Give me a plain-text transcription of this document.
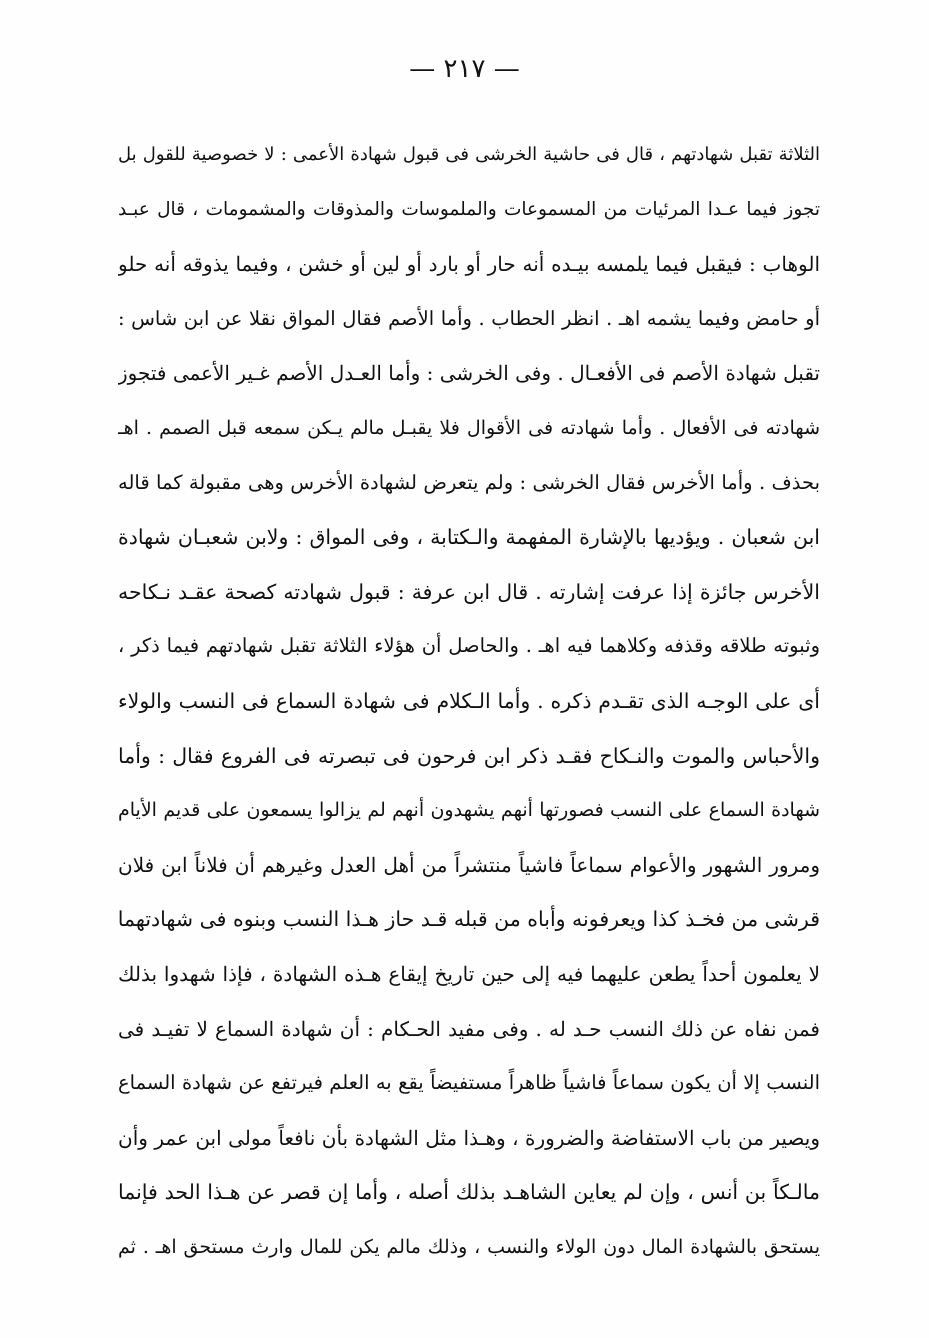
— ٢١٧ —
الثلاثة تقبل شهادتهم ، قال فى حاشية الخرشى فى قبول شهادة الأعمى : لا خصوصية للقول بل
تجوز فيما عـدا المرئيات من المسموعات والملموسات والمذوقات والمشمومات ، قال عبـد
الوهاب : فيقبل فيما يلمسه بيـده أنه حار أو بارد أو لين أو خشن ، وفيما يذوقه أنه حلو
أو حامض وفيما يشمه اهـ . انظر الحطاب . وأما الأصم فقال المواق نقلا عن ابن شاس :
تقبل شهادة الأصم فى الأفعـال . وفى الخرشى : وأما العـدل الأصم غـير الأعمى فتجوز
شهادته فى الأفعال . وأما شهادته فى الأقوال فلا يقبـل مالم يـكن سمعه قبل الصمم . اهـ
بحذف . وأما الأخرس فقال الخرشى : ولم يتعرض لشهادة الأخرس وهى مقبولة كما قاله
ابن شعبان . ويؤديها بالإشارة المفهمة والـكتابة ، وفى المواق : ولابن شعبـان شهادة
الأخرس جائزة إذا عرفت إشارته . قال ابن عرفة : قبول شهادته كصحة عقـد نـكاحه
وثبوته طلاقه وقذفه وكلاهما فيه اهـ . والحاصل أن هؤلاء الثلاثة تقبل شهادتهم فيما ذكر ،
أى على الوجـه الذى تقـدم ذكره . وأما الـكلام فى شهادة السماع فى النسب والولاء
والأحباس والموت والنـكاح فقـد ذكر ابن فرحون فى تبصرته فى الفروع فقال : وأما
شهادة السماع على النسب فصورتها أنهم يشهدون أنهم لم يزالوا يسمعون على قديم الأيام
ومرور الشهور والأعوام سماعاً فاشياً منتشراً من أهل العدل وغيرهم أن فلاناً ابن فلان
قرشى من فخـذ كذا ويعرفونه وأباه من قبله قـد حاز هـذا النسب وبنوه فى شهادتهما
لا يعلمون أحداً يطعن عليهما فيه إلى حين تاريخ إيقاع هـذه الشهادة ، فإذا شهدوا بذلك
فمن نفاه عن ذلك النسب حـد له . وفى مفيد الحـكام : أن شهادة السماع لا تفيـد فى
النسب إلا أن يكون سماعاً فاشياً ظاهراً مستفيضاً يقع به العلم فيرتفع عن شهادة السماع
ويصير من باب الاستفاضة والضرورة ، وهـذا مثل الشهادة بأن نافعاً مولى ابن عمر وأن
مالـكاً بن أنس ، وإن لم يعاين الشاهـد بذلك أصله ، وأما إن قصر عن هـذا الحد فإنما
يستحق بالشهادة المال دون الولاء والنسب ، وذلك مالم يكن للمال وارث مستحق اهـ . ثم
